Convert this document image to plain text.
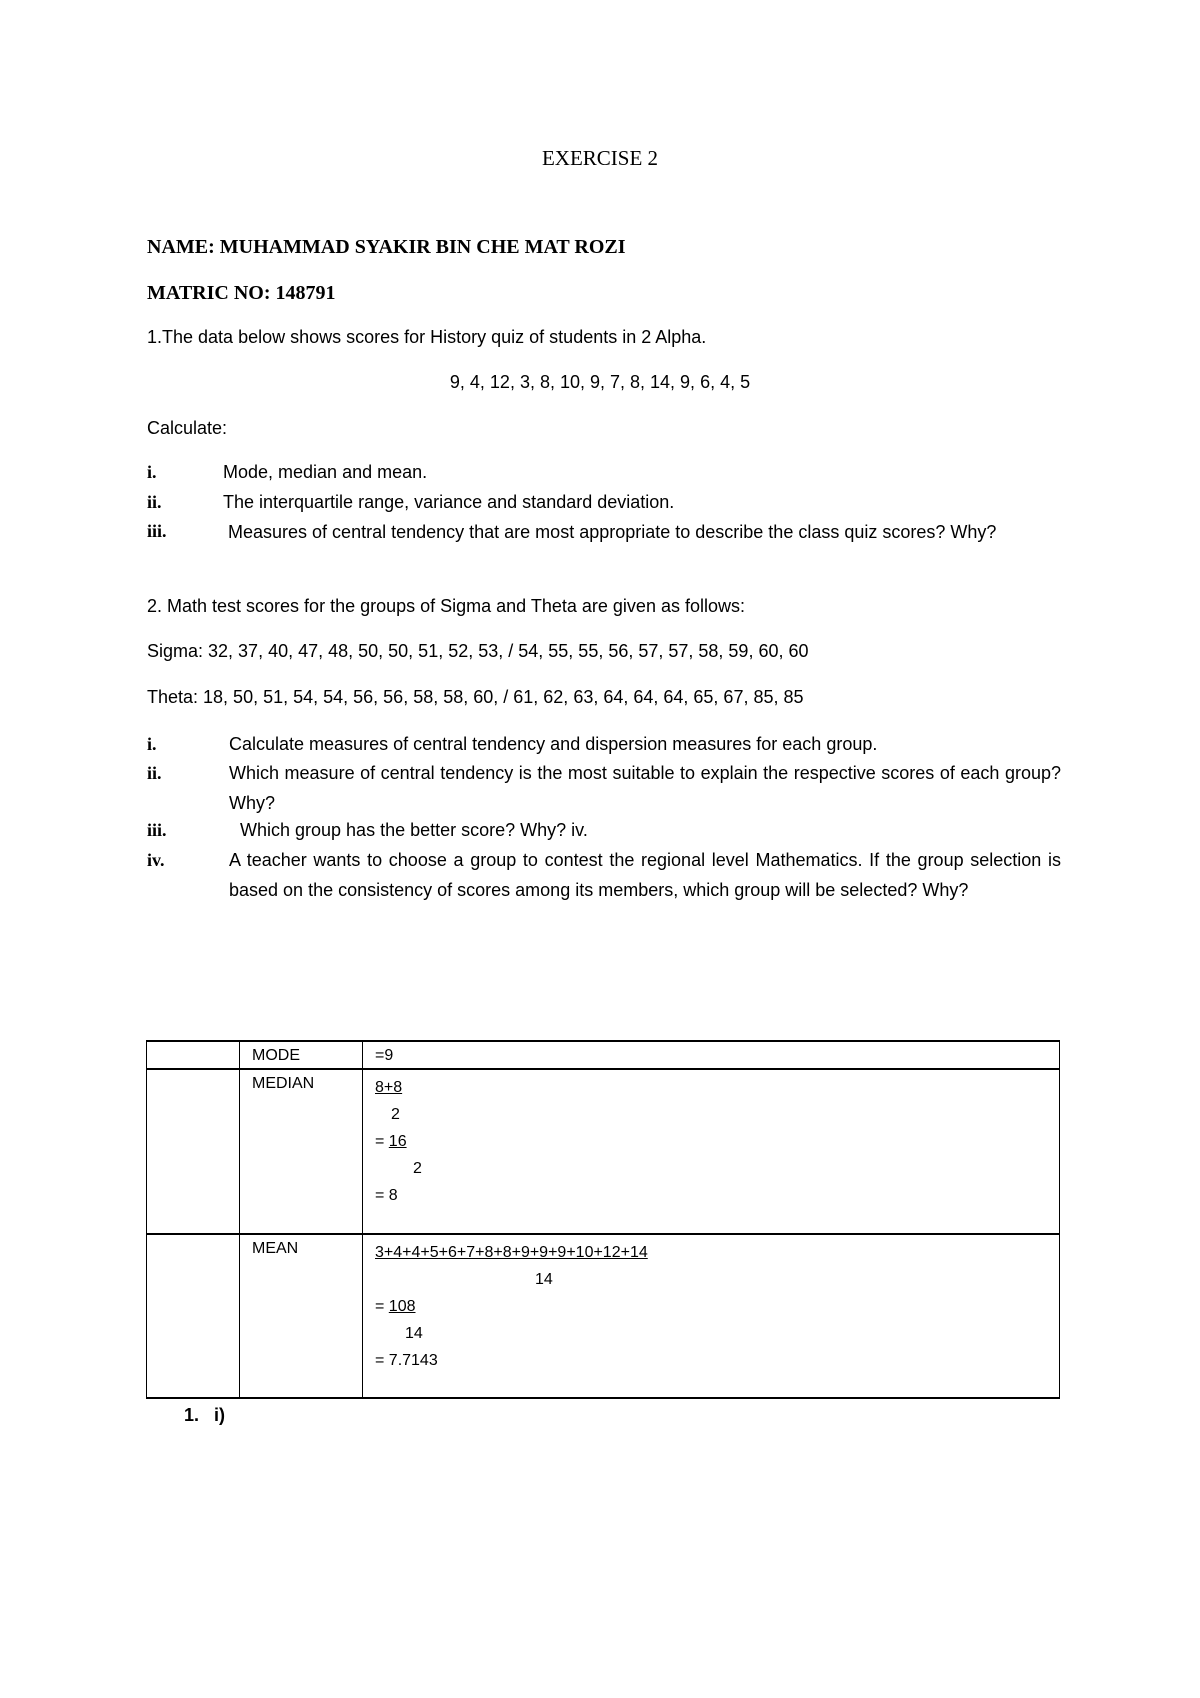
EXERCISE 2
NAME: MUHAMMAD SYAKIR BIN CHE MAT ROZI
MATRIC NO: 148791
1.The data below shows scores for History quiz of students in 2 Alpha.
9, 4, 12, 3, 8, 10, 9, 7, 8, 14, 9, 6, 4, 5
Calculate:
i.	Mode, median and mean.
ii.	The interquartile range, variance and standard deviation.
iii.	Measures of central tendency that are most appropriate to describe the class quiz scores? Why?
2. Math test scores for the groups of Sigma and Theta are given as follows:
Sigma: 32, 37, 40, 47, 48, 50, 50, 51, 52, 53, / 54, 55, 55, 56, 57, 57, 58, 59, 60, 60
Theta: 18, 50, 51, 54, 54, 56, 56, 58, 58, 60, / 61, 62, 63, 64, 64, 64, 65, 67, 85, 85
i.	Calculate measures of central tendency and dispersion measures for each group.
ii.	Which measure of central tendency is the most suitable to explain the respective scores of each group? Why?
iii.	Which group has the better score? Why? iv.
iv.	A teacher wants to choose a group to contest the regional level Mathematics. If the group selection is based on the consistency of scores among its members, which group will be selected? Why?

	MODE	=9

	MEDIAN	8+8
2
= 16
2
= 8

	MEAN	3+4+4+5+6+7+8+8+9+9+9+10+12+14
14
= 108
14
= 7.7143
1.   i)
